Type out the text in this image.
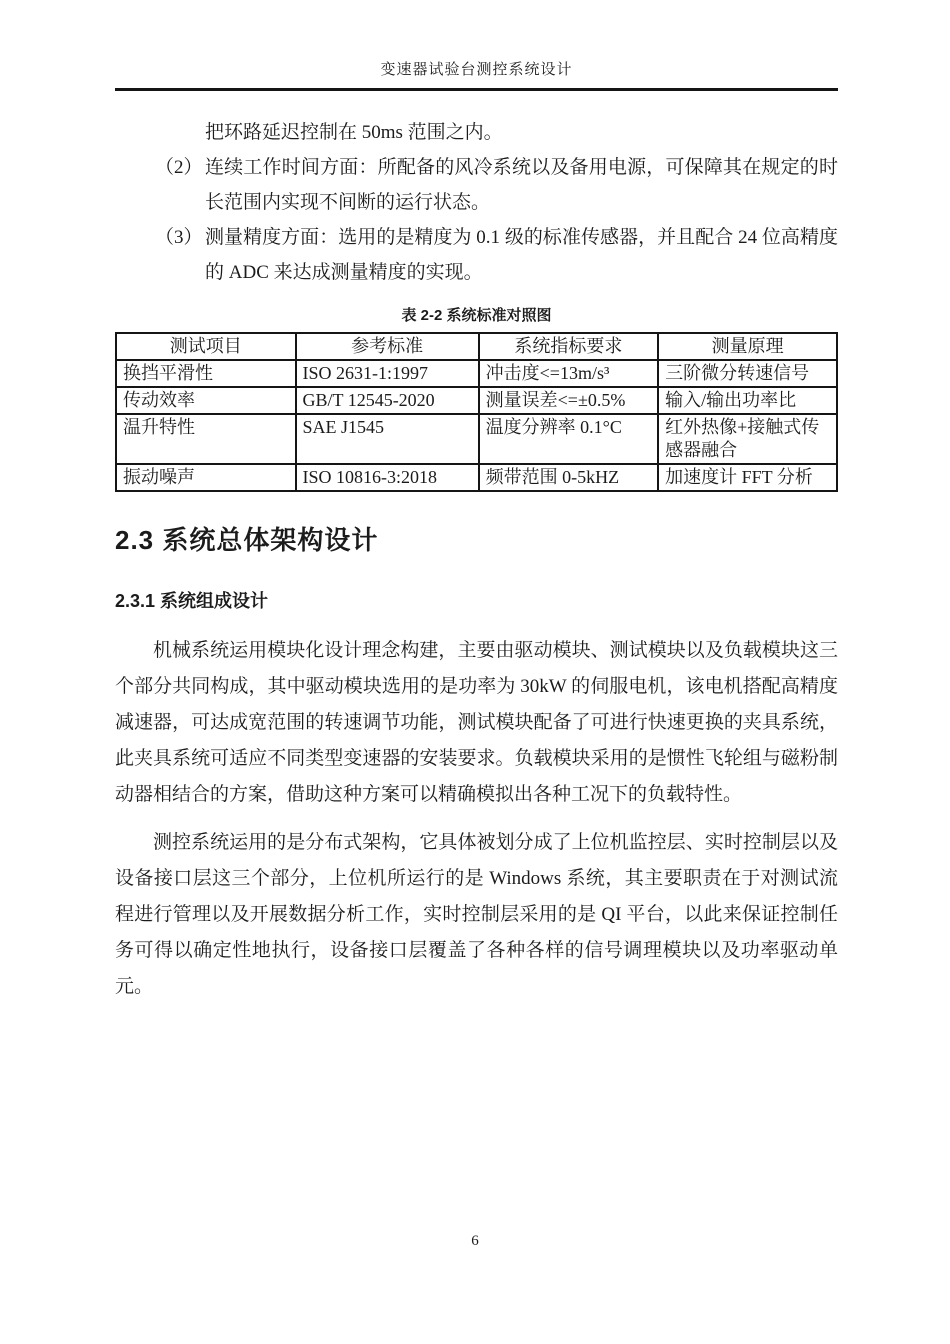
变速器试验台测控系统设计
把环路延迟控制在 50ms 范围之内。
（2） 连续工作时间方面：所配备的风冷系统以及备用电源，可保障其在规定的时长范围内实现不间断的运行状态。
（3） 测量精度方面：选用的是精度为 0.1 级的标准传感器，并且配合 24 位高精度的 ADC 来达成测量精度的实现。
表 2-2 系统标准对照图
测试项目	参考标准	系统指标要求	测量原理
换挡平滑性	ISO 2631-1:1997	冲击度<=13m/s³	三阶微分转速信号
传动效率	GB/T 12545-2020	测量误差<=±0.5%	输入/输出功率比
温升特性	SAE J1545	温度分辨率 0.1°C	红外热像+接触式传感器融合
振动噪声	ISO 10816-3:2018	频带范围 0-5kHZ	加速度计 FFT 分析
2.3 系统总体架构设计
2.3.1 系统组成设计

机械系统运用模块化设计理念构建，主要由驱动模块、测试模块以及负载模块这三个部分共同构成，其中驱动模块选用的是功率为 30kW 的伺服电机，该电机搭配高精度减速器，可达成宽范围的转速调节功能，测试模块配备了可进行快速更换的夹具系统，此夹具系统可适应不同类型变速器的安装要求。负载模块采用的是惯性飞轮组与磁粉制动器相结合的方案，借助这种方案可以精确模拟出各种工况下的负载特性。

测控系统运用的是分布式架构，它具体被划分成了上位机监控层、实时控制层以及设备接口层这三个部分，上位机所运行的是 Windows 系统，其主要职责在于对测试流程进行管理以及开展数据分析工作，实时控制层采用的是 QI 平台，以此来保证控制任务可得以确定性地执行，设备接口层覆盖了各种各样的信号调理模块以及功率驱动单元。

6
